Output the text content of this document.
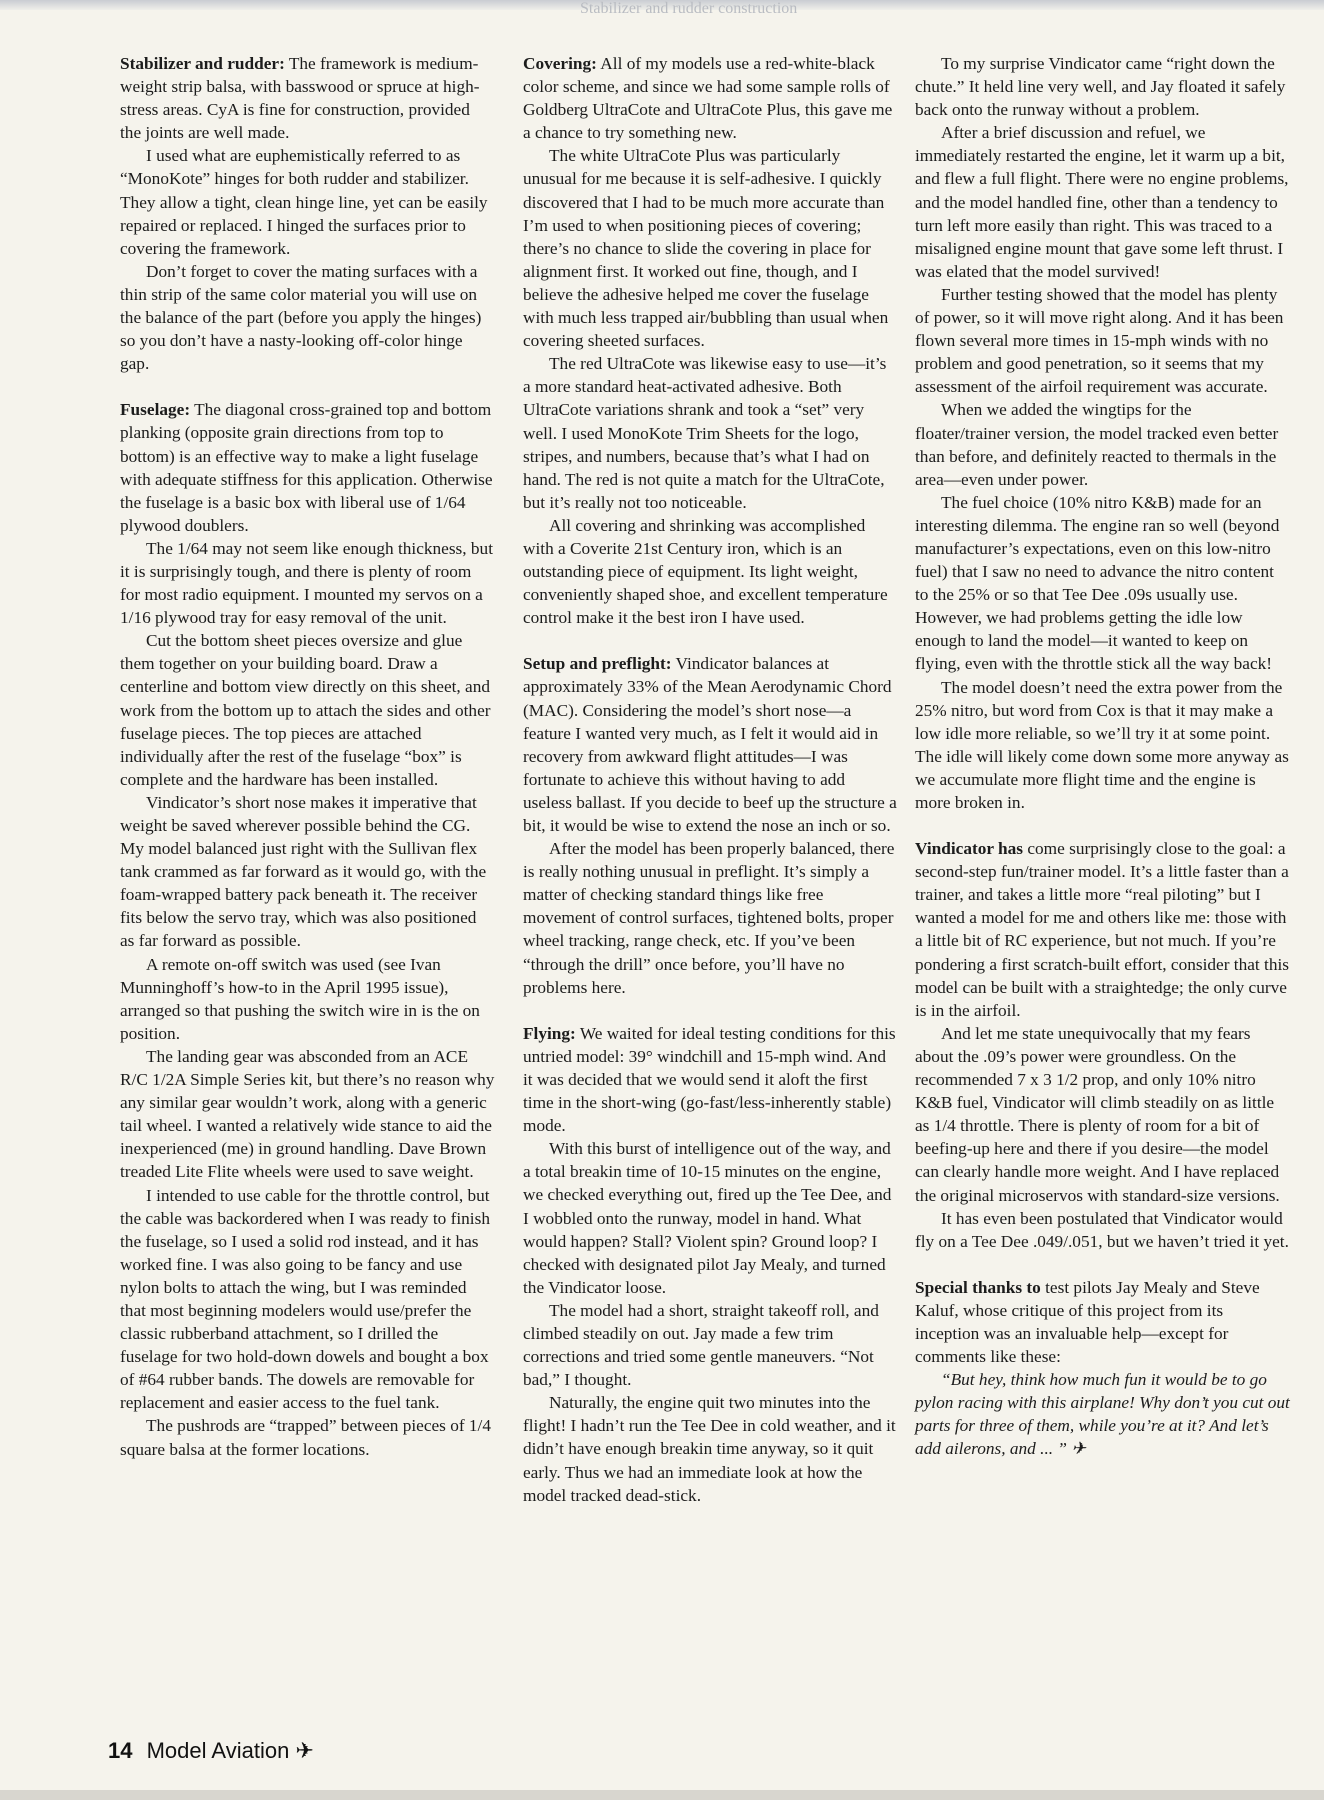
Stabilizer and rudder construction

Stabilizer and rudder: The framework is medium-weight strip balsa, with basswood or spruce at high-stress areas. CyA is fine for construction, provided the joints are well made.

I used what are euphemistically referred to as “MonoKote” hinges for both rudder and stabilizer. They allow a tight, clean hinge line, yet can be easily repaired or replaced. I hinged the surfaces prior to covering the framework.

Don’t forget to cover the mating surfaces with a thin strip of the same color material you will use on the balance of the part (before you apply the hinges) so you don’t have a nasty-looking off-color hinge gap.

Fuselage: The diagonal cross-grained top and bottom planking (opposite grain directions from top to bottom) is an effective way to make a light fuselage with adequate stiffness for this application. Otherwise the fuselage is a basic box with liberal use of 1/64 plywood doublers.

The 1/64 may not seem like enough thickness, but it is surprisingly tough, and there is plenty of room for most radio equipment. I mounted my servos on a 1/16 plywood tray for easy removal of the unit.

Cut the bottom sheet pieces oversize and glue them together on your building board. Draw a centerline and bottom view directly on this sheet, and work from the bottom up to attach the sides and other fuselage pieces. The top pieces are attached individually after the rest of the fuselage “box” is complete and the hardware has been installed.

Vindicator’s short nose makes it imperative that weight be saved wherever possible behind the CG. My model balanced just right with the Sullivan flex tank crammed as far forward as it would go, with the foam-wrapped battery pack beneath it. The receiver fits below the servo tray, which was also positioned as far forward as possible.

A remote on-off switch was used (see Ivan Munninghoff’s how-to in the April 1995 issue), arranged so that pushing the switch wire in is the on position.

The landing gear was absconded from an ACE R/C 1/2A Simple Series kit, but there’s no reason why any similar gear wouldn’t work, along with a generic tail wheel. I wanted a relatively wide stance to aid the inexperienced (me) in ground handling. Dave Brown treaded Lite Flite wheels were used to save weight.

I intended to use cable for the throttle control, but the cable was backordered when I was ready to finish the fuselage, so I used a solid rod instead, and it has worked fine. I was also going to be fancy and use nylon bolts to attach the wing, but I was reminded that most beginning modelers would use/prefer the classic rubberband attachment, so I drilled the fuselage for two hold-down dowels and bought a box of #64 rubber bands. The dowels are removable for replacement and easier access to the fuel tank.

The pushrods are “trapped” between pieces of 1/4 square balsa at the former locations.

Covering: All of my models use a red-white-black color scheme, and since we had some sample rolls of Goldberg UltraCote and UltraCote Plus, this gave me a chance to try something new.

The white UltraCote Plus was particularly unusual for me because it is self-adhesive. I quickly discovered that I had to be much more accurate than I’m used to when positioning pieces of covering; there’s no chance to slide the covering in place for alignment first. It worked out fine, though, and I believe the adhesive helped me cover the fuselage with much less trapped air/bubbling than usual when covering sheeted surfaces.

The red UltraCote was likewise easy to use—it’s a more standard heat-activated adhesive. Both UltraCote variations shrank and took a “set” very well. I used MonoKote Trim Sheets for the logo, stripes, and numbers, because that’s what I had on hand. The red is not quite a match for the UltraCote, but it’s really not too noticeable.

All covering and shrinking was accomplished with a Coverite 21st Century iron, which is an outstanding piece of equipment. Its light weight, conveniently shaped shoe, and excellent temperature control make it the best iron I have used.

Setup and preflight: Vindicator balances at approximately 33% of the Mean Aerodynamic Chord (MAC). Considering the model’s short nose—a feature I wanted very much, as I felt it would aid in recovery from awkward flight attitudes—I was fortunate to achieve this without having to add useless ballast. If you decide to beef up the structure a bit, it would be wise to extend the nose an inch or so.

After the model has been properly balanced, there is really nothing unusual in preflight. It’s simply a matter of checking standard things like free movement of control surfaces, tightened bolts, proper wheel tracking, range check, etc. If you’ve been “through the drill” once before, you’ll have no problems here.

Flying: We waited for ideal testing conditions for this untried model: 39° windchill and 15-mph wind. And it was decided that we would send it aloft the first time in the short-wing (go-fast/less-inherently stable) mode.

With this burst of intelligence out of the way, and a total breakin time of 10-15 minutes on the engine, we checked everything out, fired up the Tee Dee, and I wobbled onto the runway, model in hand. What would happen? Stall? Violent spin? Ground loop? I checked with designated pilot Jay Mealy, and turned the Vindicator loose.

The model had a short, straight takeoff roll, and climbed steadily on out. Jay made a few trim corrections and tried some gentle maneuvers. “Not bad,” I thought.

Naturally, the engine quit two minutes into the flight! I hadn’t run the Tee Dee in cold weather, and it didn’t have enough breakin time anyway, so it quit early. Thus we had an immediate look at how the model tracked dead-stick.

To my surprise Vindicator came “right down the chute.” It held line very well, and Jay floated it safely back onto the runway without a problem.

After a brief discussion and refuel, we immediately restarted the engine, let it warm up a bit, and flew a full flight. There were no engine problems, and the model handled fine, other than a tendency to turn left more easily than right. This was traced to a misaligned engine mount that gave some left thrust. I was elated that the model survived!

Further testing showed that the model has plenty of power, so it will move right along. And it has been flown several more times in 15-mph winds with no problem and good penetration, so it seems that my assessment of the airfoil requirement was accurate.

When we added the wingtips for the floater/trainer version, the model tracked even better than before, and definitely reacted to thermals in the area—even under power.

The fuel choice (10% nitro K&B) made for an interesting dilemma. The engine ran so well (beyond manufacturer’s expectations, even on this low-nitro fuel) that I saw no need to advance the nitro content to the 25% or so that Tee Dee .09s usually use. However, we had problems getting the idle low enough to land the model—it wanted to keep on flying, even with the throttle stick all the way back!

The model doesn’t need the extra power from the 25% nitro, but word from Cox is that it may make a low idle more reliable, so we’ll try it at some point. The idle will likely come down some more anyway as we accumulate more flight time and the engine is more broken in.

Vindicator has come surprisingly close to the goal: a second-step fun/trainer model. It’s a little faster than a trainer, and takes a little more “real piloting” but I wanted a model for me and others like me: those with a little bit of RC experience, but not much. If you’re pondering a first scratch-built effort, consider that this model can be built with a straightedge; the only curve is in the airfoil.

And let me state unequivocally that my fears about the .09’s power were groundless. On the recommended 7 x 3 1/2 prop, and only 10% nitro K&B fuel, Vindicator will climb steadily on as little as 1/4 throttle. There is plenty of room for a bit of beefing-up here and there if you desire—the model can clearly handle more weight. And I have replaced the original microservos with standard-size versions.

It has even been postulated that Vindicator would fly on a Tee Dee .049/.051, but we haven’t tried it yet.

Special thanks to test pilots Jay Mealy and Steve Kaluf, whose critique of this project from its inception was an invaluable help—except for comments like these:

“But hey, think how much fun it would be to go pylon racing with this airplane! Why don’t you cut out parts for three of them, while you’re at it? And let’s add ailerons, and ... ” ✈

14 Model Aviation ✈
